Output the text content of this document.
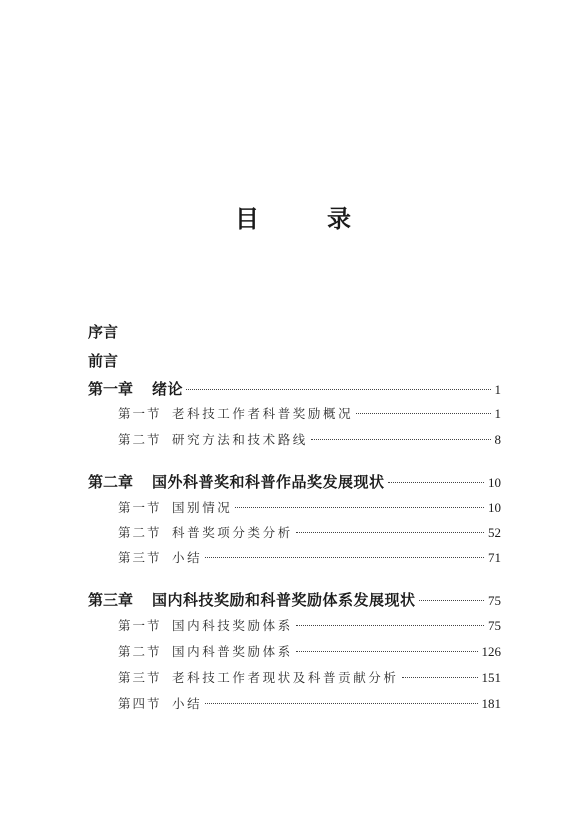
目　录
序言
前言
第一章	绪论	1
第一节 老科技工作者科普奖励概况	1
第二节 研究方法和技术路线	8
第二章	国外科普奖和科普作品奖发展现状	10
第一节 国别情况	10
第二节 科普奖项分类分析	52
第三节 小结	71
第三章	国内科技奖励和科普奖励体系发展现状	75
第一节 国内科技奖励体系	75
第二节 国内科普奖励体系	126
第三节 老科技工作者现状及科普贡献分析	151
第四节 小结	181
